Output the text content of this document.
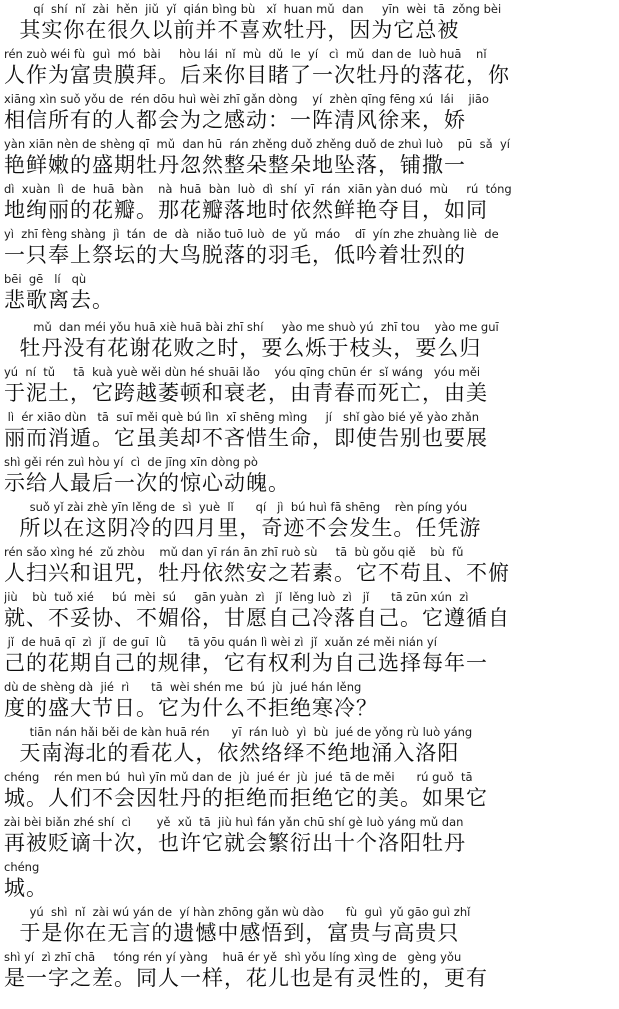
qí  shí  nǐ  zài  hěn  jiǔ  yǐ  qián bìng bù   xǐ  huan mǔ  dan     yīn  wèi  tā  zǒng bèi
其实你在很久以前并不喜欢牡丹，因为它总被
rén zuò wéi fù  guì  mó  bài     hòu lái  nǐ  mù  dǔ  le  yí   cì  mǔ  dan de  luò huā    nǐ
人作为富贵膜拜。后来你目睹了一次牡丹的落花，你
xiāng xìn suǒ yǒu de  rén dōu huì wèi zhī gǎn dòng    yí  zhèn qīng fēng xú  lái    jiāo
相信所有的人都会为之感动：一阵清风徐来，娇
yàn xiān nèn de shèng qī  mǔ  dan hū  rán zhěng duǒ zhěng duǒ de zhuì luò    pū  sǎ  yí
艳鲜嫩的盛期牡丹忽然整朵整朵地坠落，铺撒一
dì  xuàn  lì  de  huā  bàn    nà  huā  bàn  luò  dì  shí  yī  rán  xiān yàn duó  mù     rú  tóng
地绚丽的花瓣。那花瓣落地时依然鲜艳夺目，如同
yì  zhī fèng shàng  jì  tán  de  dà  niǎo tuō luò  de  yǔ  máo    dī  yín zhe zhuàng liè  de
一只奉上祭坛的大鸟脱落的羽毛，低吟着壮烈的
bēi  gē   lí   qù
悲歌离去。
mǔ  dan méi yǒu huā xiè huā bài zhī shí     yào me shuò yú  zhī tou    yào me guī
牡丹没有花谢花败之时，要么烁于枝头，要么归
yú  ní  tǔ     tā  kuà yuè wěi dùn hé shuāi lǎo    yóu qīng chūn ér  sǐ wáng   yóu měi
于泥土，它跨越萎顿和衰老，由青春而死亡，由美
lì  ér xiāo dùn   tā  suī měi què bú lìn  xī shēng mìng     jí   shǐ gào bié yě yào zhǎn
丽而消遁。它虽美却不吝惜生命，即使告别也要展
shì gěi rén zuì hòu yí  cì  de jīng xīn dòng pò
示给人最后一次的惊心动魄。
suǒ yǐ zài zhè yīn lěng de  sì  yuè  lǐ      qí   jì  bú huì fā shēng    rèn píng yóu
所以在这阴冷的四月里，奇迹不会发生。任凭游
rén sǎo xìng hé  zǔ zhòu    mǔ dan yī rán ān zhī ruò sù     tā  bù gǒu qiě    bù  fǔ
人扫兴和诅咒，牡丹依然安之若素。它不苟且、不俯
jiù    bù  tuǒ xié     bú  mèi  sú     gān yuàn  zì   jǐ  lěng luò  zì   jǐ      tā zūn xún  zì
就、不妥协、不媚俗，甘愿自己冷落自己。它遵循自
jǐ  de huā qī  zì  jǐ  de guī  lǜ      tā yōu quán lì wèi zì  jǐ  xuǎn zé měi nián yí
己的花期自己的规律，它有权利为自己选择每年一
dù de shèng dà  jié  rì      tā  wèi shén me  bú  jù  jué hán lěng
度的盛大节日。它为什么不拒绝寒冷？
tiān nán hǎi běi de kàn huā rén      yī  rán luò  yì  bù  jué de yǒng rù luò yáng
天南海北的看花人，依然络绎不绝地涌入洛阳
chéng    rén men bú  huì yīn mǔ dan de  jù  jué ér  jù  jué  tā de měi      rú guǒ  tā
城。人们不会因牡丹的拒绝而拒绝它的美。如果它
zài bèi biǎn zhé shí  cì       yě  xǔ  tā  jiù huì fán yǎn chū shí gè luò yáng mǔ dan
再被贬谪十次，也许它就会繁衍出十个洛阳牡丹
chéng
城。
yú  shì  nǐ  zài wú yán de  yí hàn zhōng gǎn wù dào      fù  guì  yǔ gāo guì zhǐ
于是你在无言的遗憾中感悟到，富贵与高贵只
shì yí  zì zhī chā     tóng rén yí yàng    huā ér yě  shì yǒu líng xìng de   gèng yǒu
是一字之差。同人一样，花儿也是有灵性的，更有
